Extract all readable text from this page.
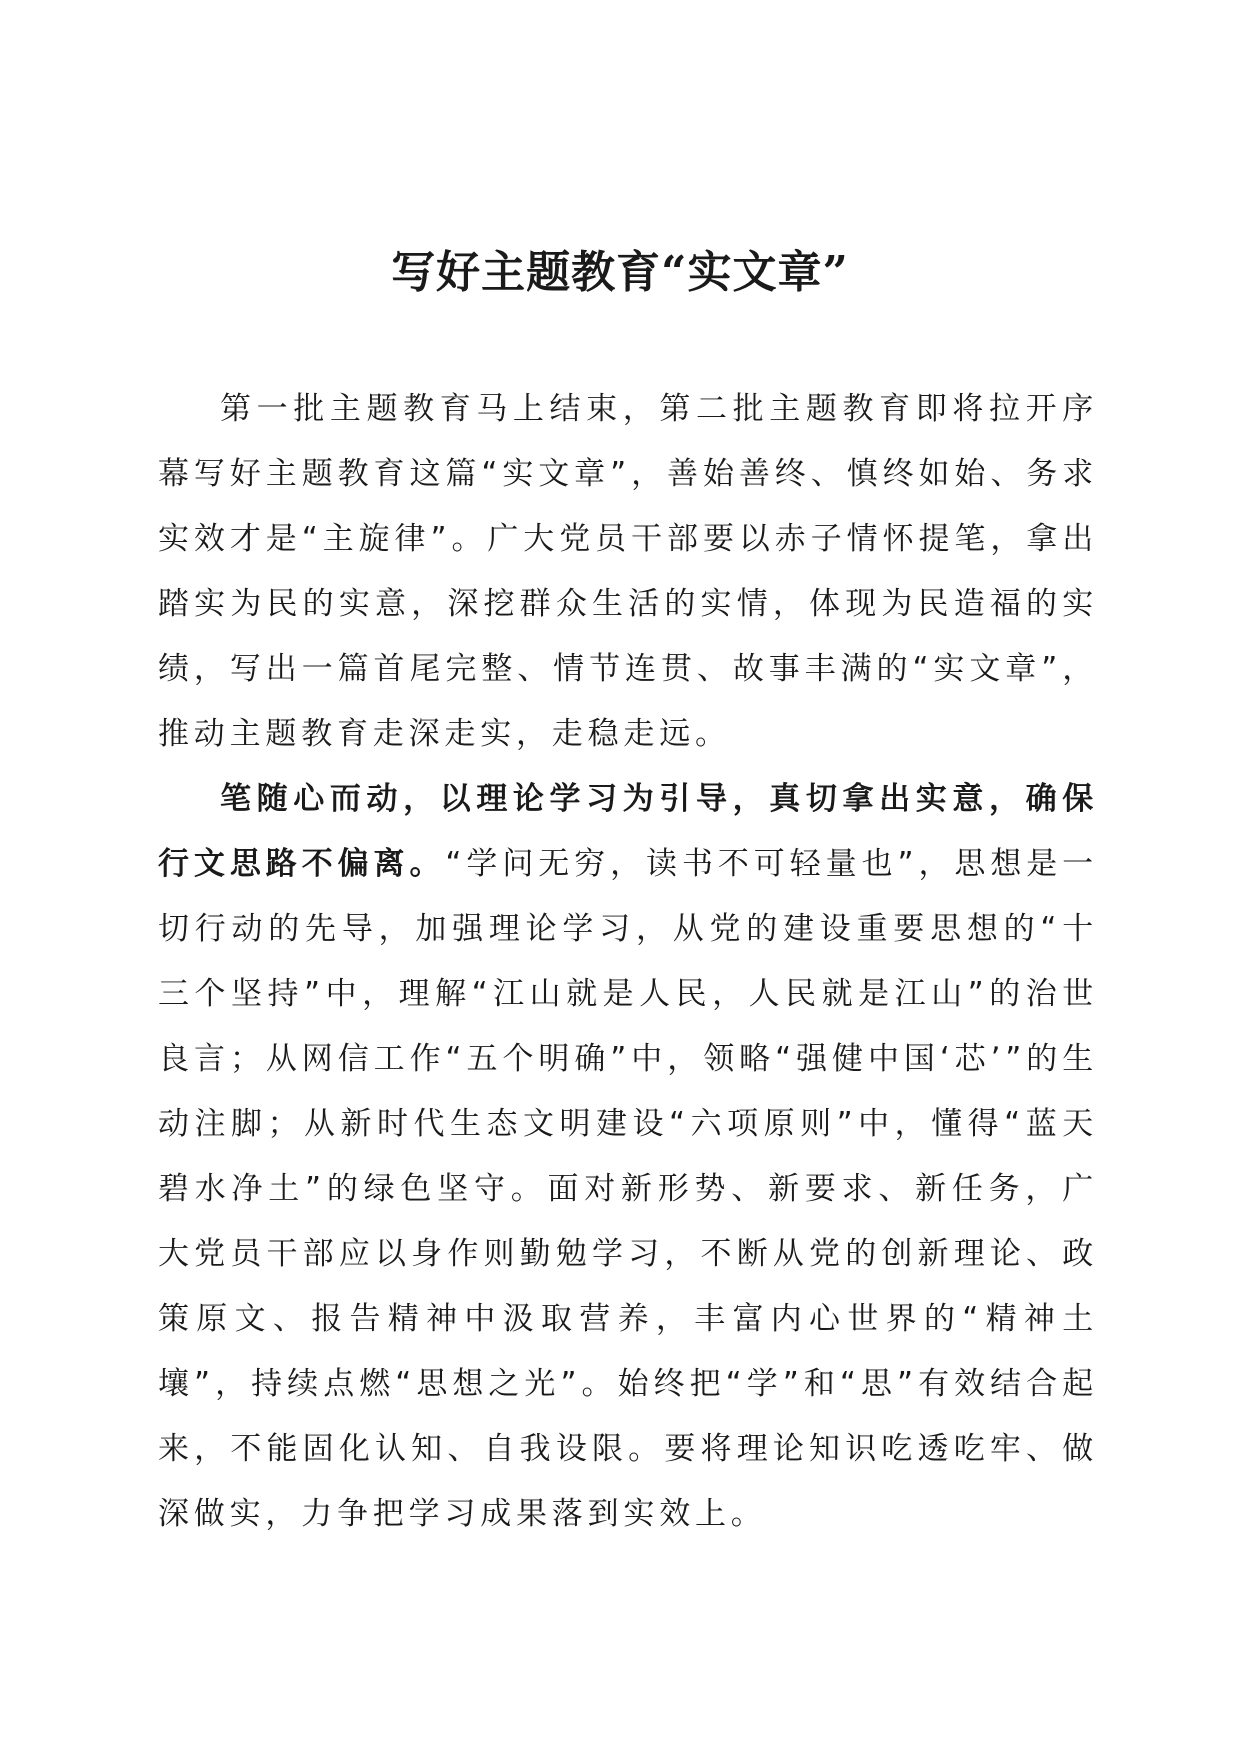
写好主题教育“实文章”

第一批主题教育马上结束，第二批主题教育即将拉开序幕写好主题教育这篇“实文章”，善始善终、慎终如始、务求实效才是“主旋律”。广大党员干部要以赤子情怀提笔，拿出踏实为民的实意，深挖群众生活的实情，体现为民造福的实绩，写出一篇首尾完整、情节连贯、故事丰满的“实文章”，推动主题教育走深走实，走稳走远。

笔随心而动，以理论学习为引导，真切拿出实意，确保行文思路不偏离。“学问无穷，读书不可轻量也”，思想是一切行动的先导，加强理论学习，从党的建设重要思想的“十三个坚持”中，理解“江山就是人民，人民就是江山”的治世良言；从网信工作“五个明确”中，领略“强健中国‘芯’”的生动注脚；从新时代生态文明建设“六项原则”中，懂得“蓝天碧水净土”的绿色坚守。面对新形势、新要求、新任务，广大党员干部应以身作则勤勉学习，不断从党的创新理论、政策原文、报告精神中汲取营养，丰富内心世界的“精神土壤”，持续点燃“思想之光”。始终把“学”和“思”有效结合起来，不能固化认知、自我设限。要将理论知识吃透吃牢、做深做实，力争把学习成果落到实效上。
